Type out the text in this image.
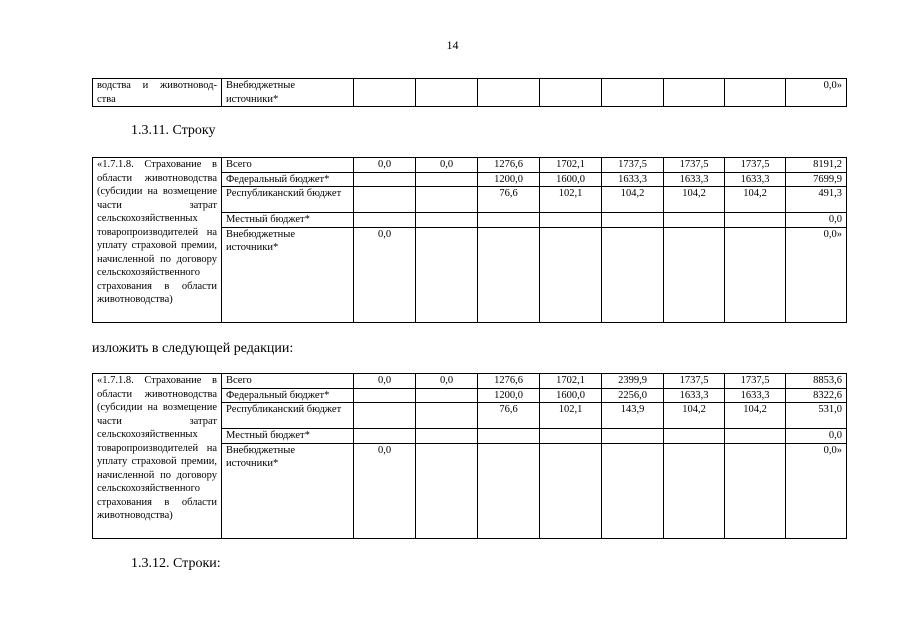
14
водства и животновод-ства	Внебюджетные источники*								0,0»
1.3.11. Строку
«1.7.1.8. Страхование в области животноводства (субсидии на возмещение части затрат сельскохозяйственных товаропроизводителей на уплату страховой премии, начисленной по договору сельскохозяйственного страхования в области животноводства)	Всего	0,0	0,0	1276,6	1702,1	1737,5	1737,5	1737,5	8191,2
	Федеральный бюджет*			1200,0	1600,0	1633,3	1633,3	1633,3	7699,9
	Республиканский бюджет			76,6	102,1	104,2	104,2	104,2	491,3
	Местный бюджет*								0,0
	Внебюджетные источники*	0,0							0,0»
изложить в следующей редакции:
«1.7.1.8. Страхование в области животноводства (субсидии на возмещение части затрат сельскохозяйственных товаропроизводителей на уплату страховой премии, начисленной по договору сельскохозяйственного страхования в области животноводства)	Всего	0,0	0,0	1276,6	1702,1	2399,9	1737,5	1737,5	8853,6
	Федеральный бюджет*			1200,0	1600,0	2256,0	1633,3	1633,3	8322,6
	Республиканский бюджет			76,6	102,1	143,9	104,2	104,2	531,0
	Местный бюджет*								0,0
	Внебюджетные источники*	0,0							0,0»
1.3.12. Строки:
